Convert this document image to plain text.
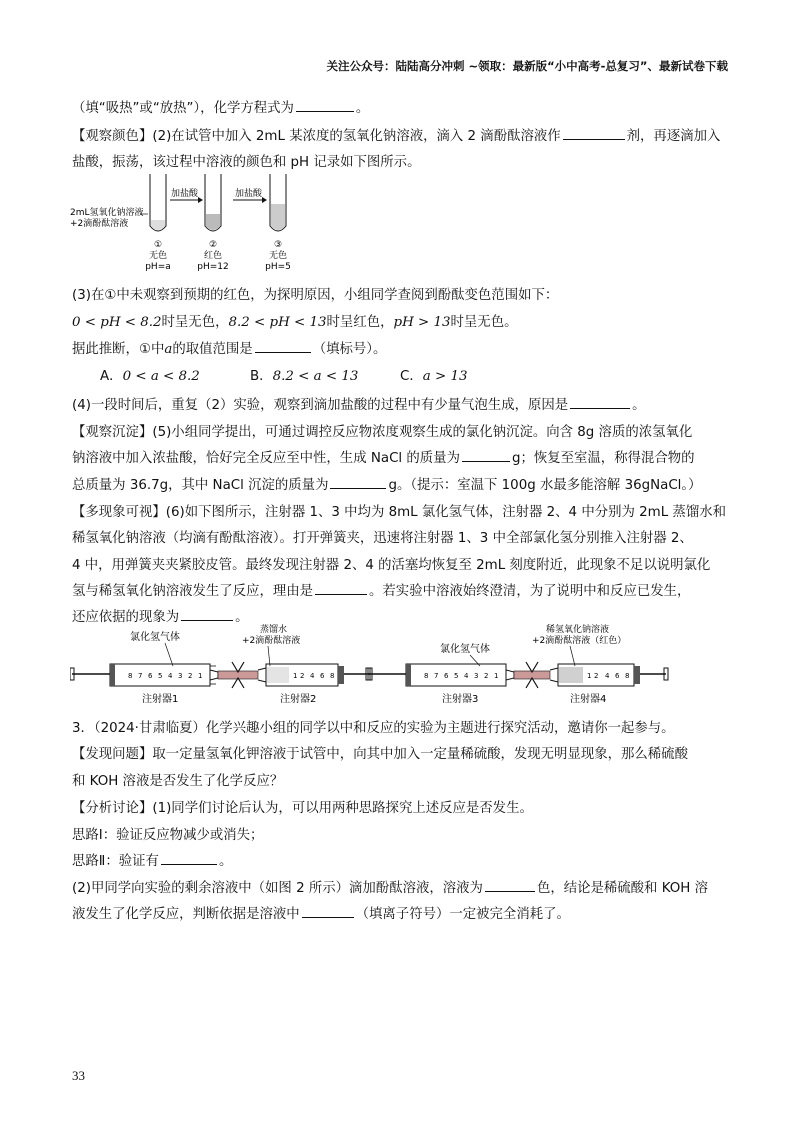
关注公众号：陆陆高分冲刺 ~领取：最新版“小中高考-总复习”、最新试卷下载
（填“吸热”或“放热”），化学方程式为	。
【观察颜色】(2)在试管中加入 2mL 某浓度的氢氧化钠溶液，滴入 2 滴酚酞溶液作	剂，再逐滴加入
盐酸，振荡，该过程中溶液的颜色和 pH 记录如下图所示。
2mL氢氧化钠溶液
+2滴酚酞溶液
加盐酸	加盐酸
①
无色
pH=a
②
红色
pH=12
③
无色
pH=5
(3)在①中未观察到预期的红色，为探明原因，小组同学查阅到酚酞变色范围如下：
0 < pH < 8.2时呈无色，8.2 < pH < 13时呈红色，pH > 13时呈无色。
据此推断，①中a的取值范围是	（填标号）。
A．0 < a < 8.2	B．8.2 < a < 13	C．a > 13
(4)一段时间后，重复（2）实验，观察到滴加盐酸的过程中有少量气泡生成，原因是	。
【观察沉淀】(5)小组同学提出，可通过调控反应物浓度观察生成的氯化钠沉淀。向含 8g 溶质的浓氢氧化
钠溶液中加入浓盐酸，恰好完全反应至中性，生成 NaCl 的质量为	g；恢复至室温，称得混合物的
总质量为 36.7g，其中 NaCl 沉淀的质量为	g。（提示：室温下 100g 水最多能溶解 36gNaCl。）
【多现象可视】(6)如下图所示，注射器 1、3 中均为 8mL 氯化氢气体，注射器 2、4 中分别为 2mL 蒸馏水和
稀氢氧化钠溶液（均滴有酚酞溶液）。打开弹簧夹，迅速将注射器 1、3 中全部氯化氢分别推入注射器 2、
4 中，用弹簧夹夹紧胶皮管。最终发现注射器 2、4 的活塞均恢复至 2mL 刻度附近，此现象不足以说明氯化
氢与稀氢氧化钠溶液发生了反应，理由是	。若实验中溶液始终澄清，为了说明中和反应已发生，
还应依据的现象为	。
氯化氢气体
蒸馏水
+2滴酚酞溶液
8 7 6 5 4 3 2 1	1 2 4 6 8
注射器1	注射器2
氯化氢气体
稀氢氧化钠溶液
+2滴酚酞溶液（红色）
8 7 6 5 4 3 2 1	1 2 4 6 8
注射器3	注射器4
3．（2024·甘肃临夏）化学兴趣小组的同学以中和反应的实验为主题进行探究活动，邀请你一起参与。
【发现问题】取一定量氢氧化钾溶液于试管中，向其中加入一定量稀硫酸，发现无明显现象，那么稀硫酸
和 KOH 溶液是否发生了化学反应？
【分析讨论】(1)同学们讨论后认为，可以用两种思路探究上述反应是否发生。
思路Ⅰ：验证反应物减少或消失；
思路Ⅱ：验证有	。
(2)甲同学向实验的剩余溶液中（如图 2 所示）滴加酚酞溶液，溶液为	色，结论是稀硫酸和 KOH 溶
液发生了化学反应，判断依据是溶液中	（填离子符号）一定被完全消耗了。
33
